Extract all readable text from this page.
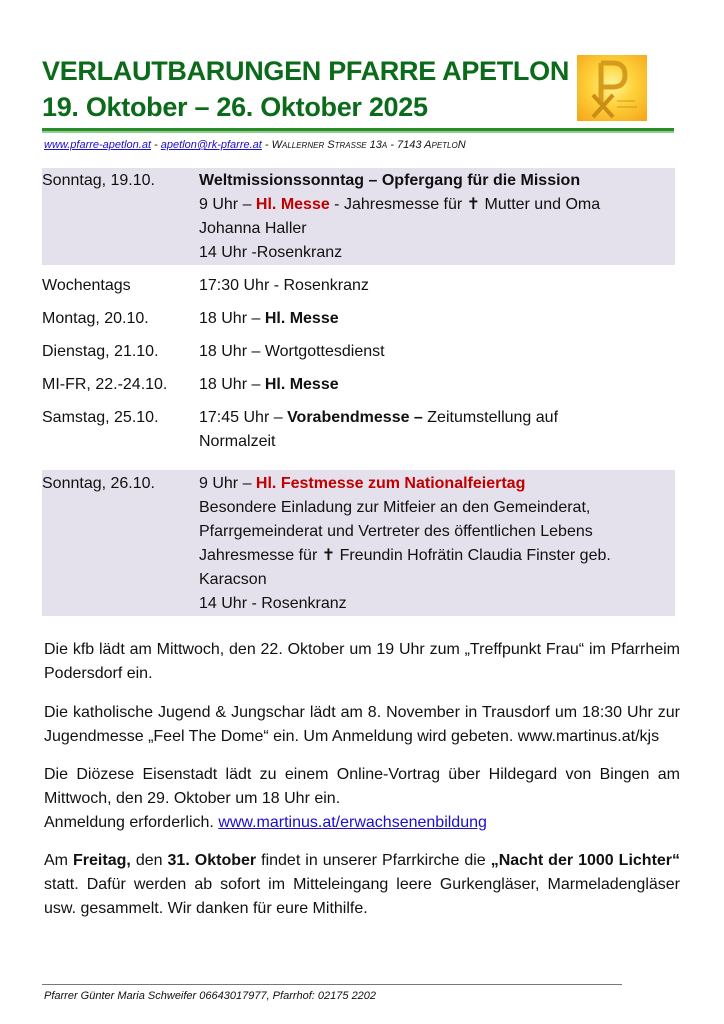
VERLAUTBARUNGEN PFARRE APETLON
19. Oktober – 26. Oktober 2025
www.pfarre-apetlon.at - apetlon@rk-pfarre.at - Wallerner Straße 13a - 7143 ApetloN
Sonntag, 19.10.	Weltmissionssonntag – Opfergang für die Mission
9 Uhr – Hl. Messe - Jahresmesse für ✝ Mutter und Oma
Johanna Haller
14 Uhr -Rosenkranz
Wochentags	17:30 Uhr - Rosenkranz
Montag, 20.10.	18 Uhr – Hl. Messe
Dienstag, 21.10.	18 Uhr – Wortgottesdienst
MI-FR, 22.-24.10.	18 Uhr – Hl. Messe
Samstag, 25.10.	17:45 Uhr – Vorabendmesse – Zeitumstellung auf
Normalzeit
Sonntag, 26.10.	9 Uhr – Hl. Festmesse zum Nationalfeiertag
Besondere Einladung zur Mitfeier an den Gemeinderat,
Pfarrgemeinderat und Vertreter des öffentlichen Lebens
Jahresmesse für ✝ Freundin Hofrätin Claudia Finster geb.
Karacson
14 Uhr - Rosenkranz
Die kfb lädt am Mittwoch, den 22. Oktober um 19 Uhr zum „Treffpunkt Frau“ im Pfarrheim Podersdorf ein.
Die katholische Jugend & Jungschar lädt am 8. November in Trausdorf um 18:30 Uhr zur Jugendmesse „Feel The Dome“ ein. Um Anmeldung wird gebeten. www.martinus.at/kjs
Die Diözese Eisenstadt lädt zu einem Online-Vortrag über Hildegard von Bingen am Mittwoch, den 29. Oktober um 18 Uhr ein.
Anmeldung erforderlich. www.martinus.at/erwachsenenbildung
Am Freitag, den 31. Oktober findet in unserer Pfarrkirche die „Nacht der 1000 Lichter“ statt. Dafür werden ab sofort im Mitteleingang leere Gurkengläser, Marmeladengläser usw. gesammelt. Wir danken für eure Mithilfe.
Pfarrer Günter Maria Schweifer 06643017977, Pfarrhof: 02175 2202
